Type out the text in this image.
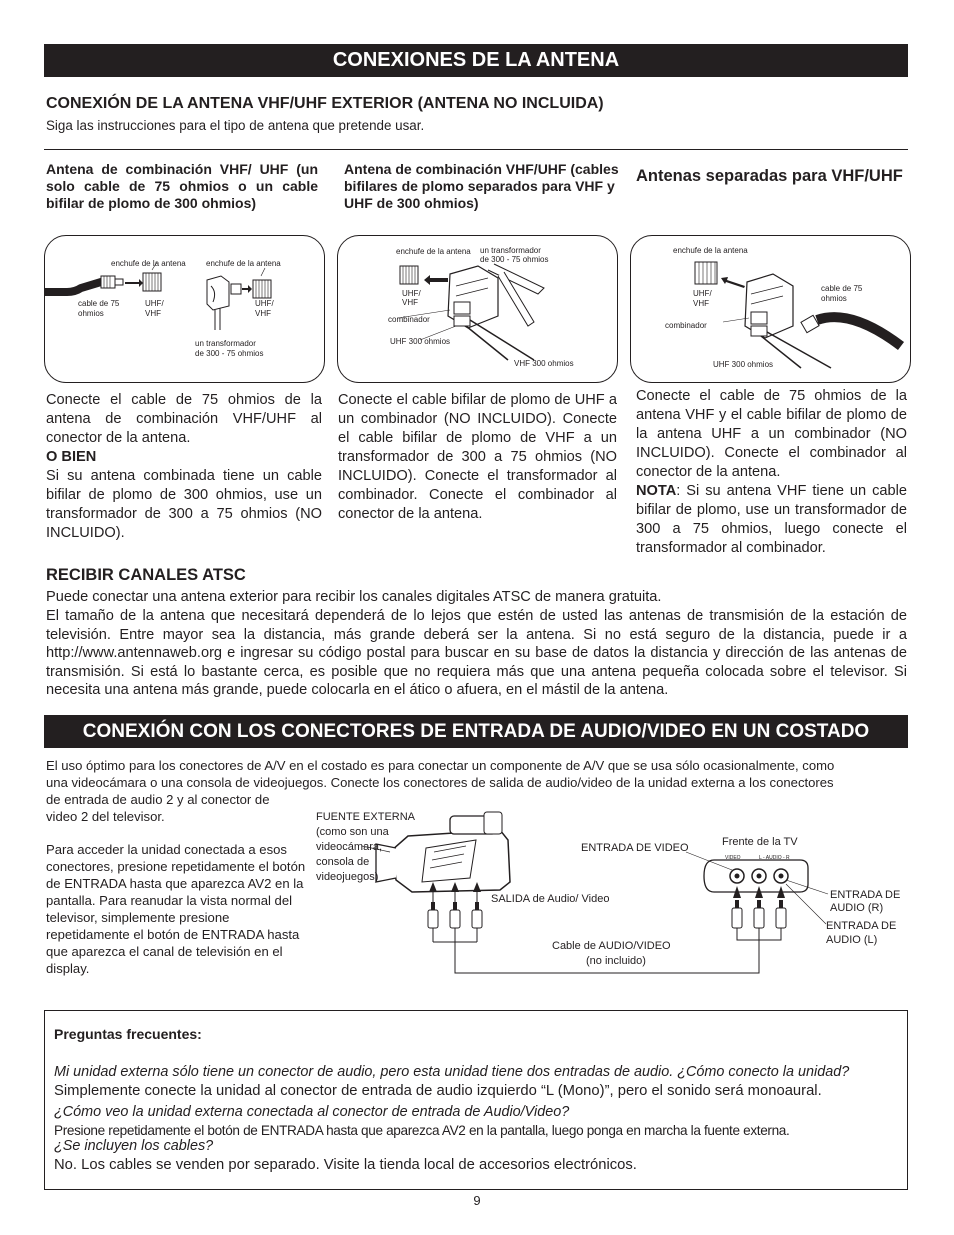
CONEXIONES DE LA ANTENA
CONEXIÓN DE LA ANTENA VHF/UHF EXTERIOR (ANTENA NO INCLUIDA)
Siga las instrucciones para el tipo de antena que pretende usar.
Antena de combinación VHF/ UHF (un solo cable de 75 ohmios o un cable bifilar de plomo de 300 ohmios)
Antena de combinación VHF/UHF (cables bifilares de plomo separados para VHF y UHF de 300 ohmios)
Antenas separadas para VHF/UHF
enchufe de la antena	enchufe de la antena
cable de 75
ohmios
UHF/
VHF
UHF/
VHF
un transformador
de 300 - 75 ohmios
enchufe de la antena un transformador
de 300 - 75 ohmios
UHF/
VHF
combinador
UHF 300 ohmios
VHF 300 ohmios
enchufe de la antena
UHF/
VHF
cable de 75
ohmios
combinador
UHF 300 ohmios
Conecte el cable de 75 ohmios de la antena de combinación VHF/UHF al conector de la antena.
O BIEN
Si su antena combinada tiene un cable bifilar de plomo de 300 ohmios, use un transformador de 300 a 75 ohmios (NO INCLUIDO).
Conecte el cable bifilar de plomo de UHF a un combinador (NO INCLUIDO). Conecte el cable bifilar de plomo de VHF a un transformador de 300 a 75 ohmios (NO INCLUIDO). Conecte el transformador al combinador. Conecte el combinador al conector de la antena.
Conecte el cable de 75 ohmios de la antena VHF y el cable bifilar de plomo de la antena UHF a un combinador (NO INCLUIDO). Conecte el combinador al conector de la antena.
NOTA: Si su antena VHF tiene un cable bifilar de plomo, use un transformador de 300 a 75 ohmios, luego conecte el transformador al combinador.
RECIBIR CANALES ATSC
Puede conectar una antena exterior para recibir los canales digitales ATSC de manera gratuita.
El tamaño de la antena que necesitará dependerá de lo lejos que estén de usted las antenas de transmisión de la estación de televisión. Entre mayor sea la distancia, más grande deberá ser la antena. Si no está seguro de la distancia, puede ir a http://www.antennaweb.org e ingresar su código postal para buscar en su base de datos la distancia y dirección de las antenas de transmisión. Si está lo bastante cerca, es posible que no requiera más que una antena pequeña colocada sobre el televisor. Si necesita una antena más grande, puede colocarla en el ático o afuera, en el mástil de la antena.
CONEXIÓN CON LOS CONECTORES DE ENTRADA DE AUDIO/VIDEO EN UN COSTADO
El uso óptimo para los conectores de A/V en el costado es para conectar un componente de A/V que se usa sólo ocasionalmente, como
una videocámara o una consola de videojuegos. Conecte los conectores de salida de audio/video de la unidad externa a los conectores
de entrada de audio 2 y al conector de video 2 del televisor.
Para acceder la unidad conectada a esos conectores, presione repetidamente el botón de ENTRADA hasta que aparezca AV2 en la pantalla. Para reanudar la vista normal del televisor, simplemente presione repetidamente el botón de ENTRADA hasta que aparezca el canal de televisión en el display.
FUENTE EXTERNA
(como son una
videocámara,
consola de
videojuegos)
SALIDA de Audio/ Video
Cable de AUDIO/VIDEO
(no incluido)
ENTRADA DE VIDEO	Frente de la TV
VIDEO	L - AUDIO - R
ENTRADA DE
AUDIO (R)
ENTRADA DE
AUDIO (L)

Preguntas frecuentes:

Mi unidad externa sólo tiene un conector de audio, pero esta unidad tiene dos entradas de audio. ¿Cómo conecto la unidad?

Simplemente conecte la unidad al conector de entrada de audio izquierdo “L (Mono)”, pero el sonido será monoaural.

¿Cómo veo la unidad externa conectada al conector de entrada de Audio/Video?

Presione repetidamente el botón de ENTRADA hasta que aparezca AV2 en la pantalla, luego ponga en marcha la fuente externa.

¿Se incluyen los cables?

No. Los cables se venden por separado. Visite la tienda local de accesorios electrónicos.

9
